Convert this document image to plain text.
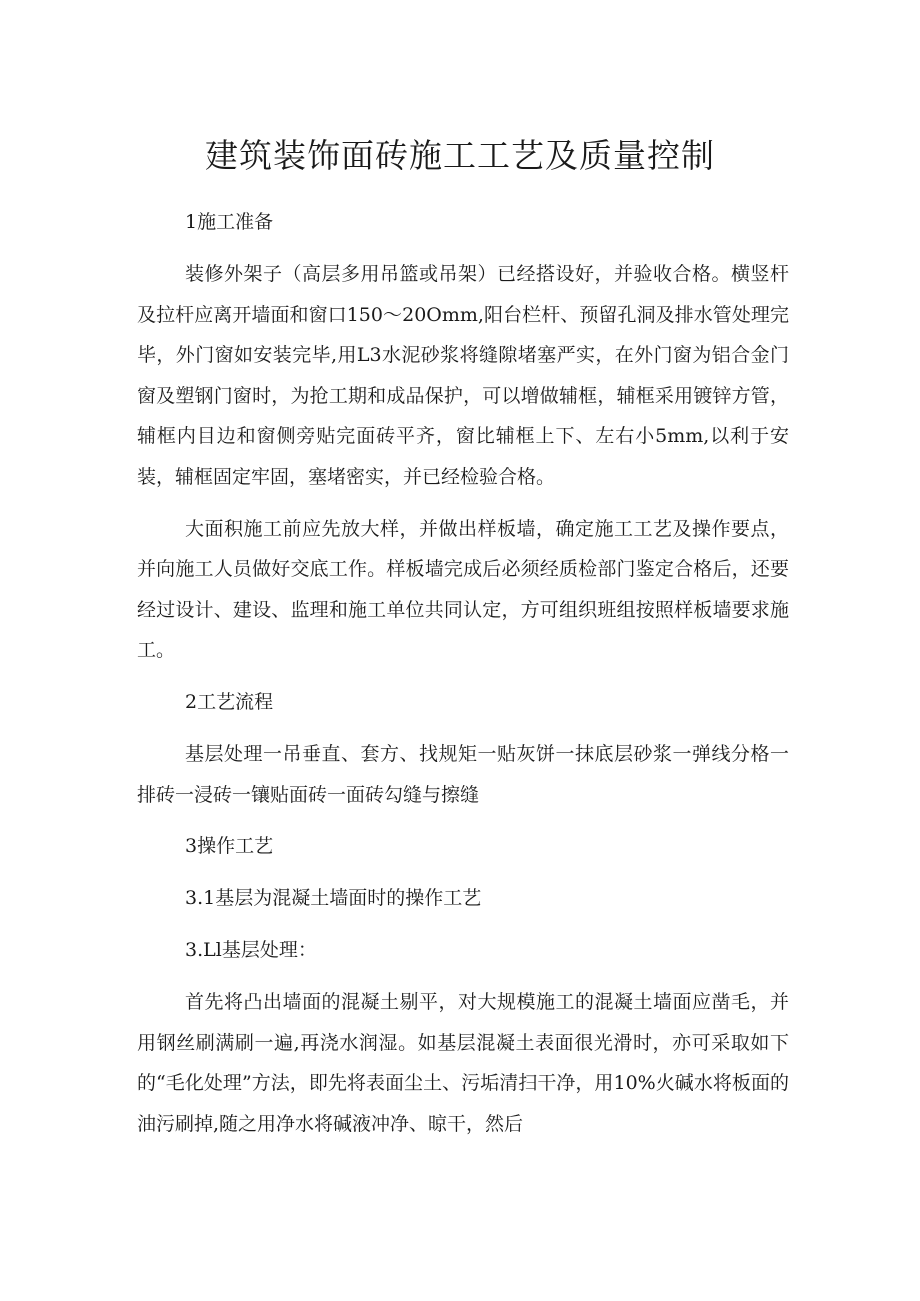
建筑装饰面砖施工工艺及质量控制

1施工准备

装修外架子（高层多用吊篮或吊架）已经搭设好，并验收合格。横竖杆及拉杆应离开墙面和窗口150～20Omm,阳台栏杆、预留孔洞及排水管处理完毕，外门窗如安装完毕,用L3水泥砂浆将缝隙堵塞严实，在外门窗为铝合金门窗及塑钢门窗时，为抢工期和成品保护，可以增做辅框，辅框采用镀锌方管，辅框内目边和窗侧旁贴完面砖平齐，窗比辅框上下、左右小5mm,以利于安装，辅框固定牢固，塞堵密实，并已经检验合格。

大面积施工前应先放大样，并做出样板墙，确定施工工艺及操作要点，并向施工人员做好交底工作。样板墙完成后必须经质检部门鉴定合格后，还要经过设计、建设、监理和施工单位共同认定，方可组织班组按照样板墙要求施工。

2工艺流程

基层处理一吊垂直、套方、找规矩一贴灰饼一抹底层砂浆一弹线分格一排砖一浸砖一镶贴面砖一面砖勾缝与擦缝

3操作工艺

3.1基层为混凝土墙面时的操作工艺

3.Ll基层处理：

首先将凸出墙面的混凝土剔平，对大规模施工的混凝土墙面应凿毛，并用钢丝刷满刷一遍,再浇水润湿。如基层混凝土表面很光滑时，亦可采取如下的“毛化处理”方法，即先将表面尘土、污垢清扫干净，用10%火碱水将板面的油污刷掉,随之用净水将碱液冲净、晾干，然后
